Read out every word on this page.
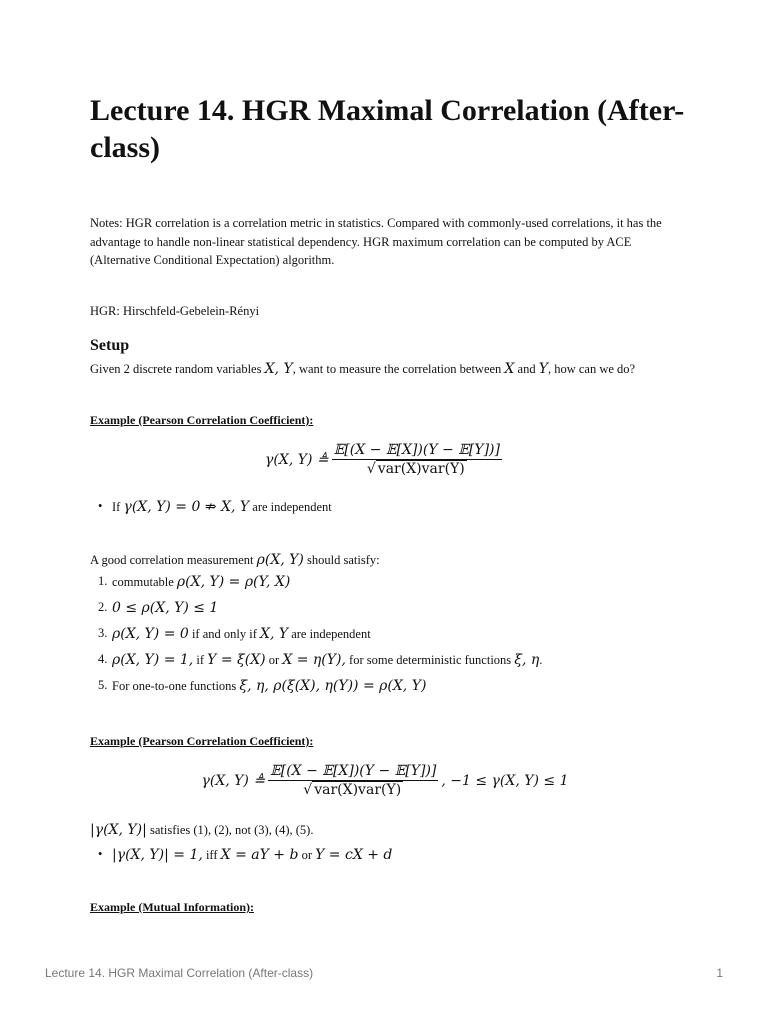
Lecture 14. HGR Maximal Correlation (After-class)
Notes: HGR correlation is a correlation metric in statistics. Compared with commonly-used correlations, it has the advantage to handle non-linear statistical dependency. HGR maximum correlation can be computed by ACE (Alternative Conditional Expectation) algorithm.
HGR: Hirschfeld-Gebelein-Rényi
Setup
Given 2 discrete random variables X, Y, want to measure the correlation between X and Y, how can we do?
Example (Pearson Correlation Coefficient):
γ(X, Y) ≜ $\frac{\text{𝔼[(X − 𝔼[X])(Y − 𝔼[Y])]}}{\text{√ var(X)var(Y)}}$
• If γ(X, Y) = 0 ⇏ X, Y are independent
A good correlation measurement ρ(X, Y) should satisfy:
1. commutable ρ(X, Y) = ρ(Y, X)
2. 0 ≤ ρ(X, Y) ≤ 1
3. ρ(X, Y) = 0 if and only if X, Y are independent
4. ρ(X, Y) = 1, if Y = ξ(X) or X = η(Y), for some deterministic functions ξ, η.
5. For one-to-one functions ξ, η, ρ(ξ(X), η(Y)) = ρ(X, Y)
Example (Pearson Correlation Coefficient):
γ(X, Y) ≜ $\frac{\text{𝔼[(X − 𝔼[X])(Y − 𝔼[Y])]}}{\text{√ var(X)var(Y)}}$ , −1 ≤ γ(X, Y) ≤ 1
|γ(X, Y)| satisfies (1), (2), not (3), (4), (5).
• |γ(X, Y)| = 1, iff X = aY + b or Y = cX + d
Example (Mutual Information):
Lecture 14. HGR Maximal Correlation (After-class)	1
